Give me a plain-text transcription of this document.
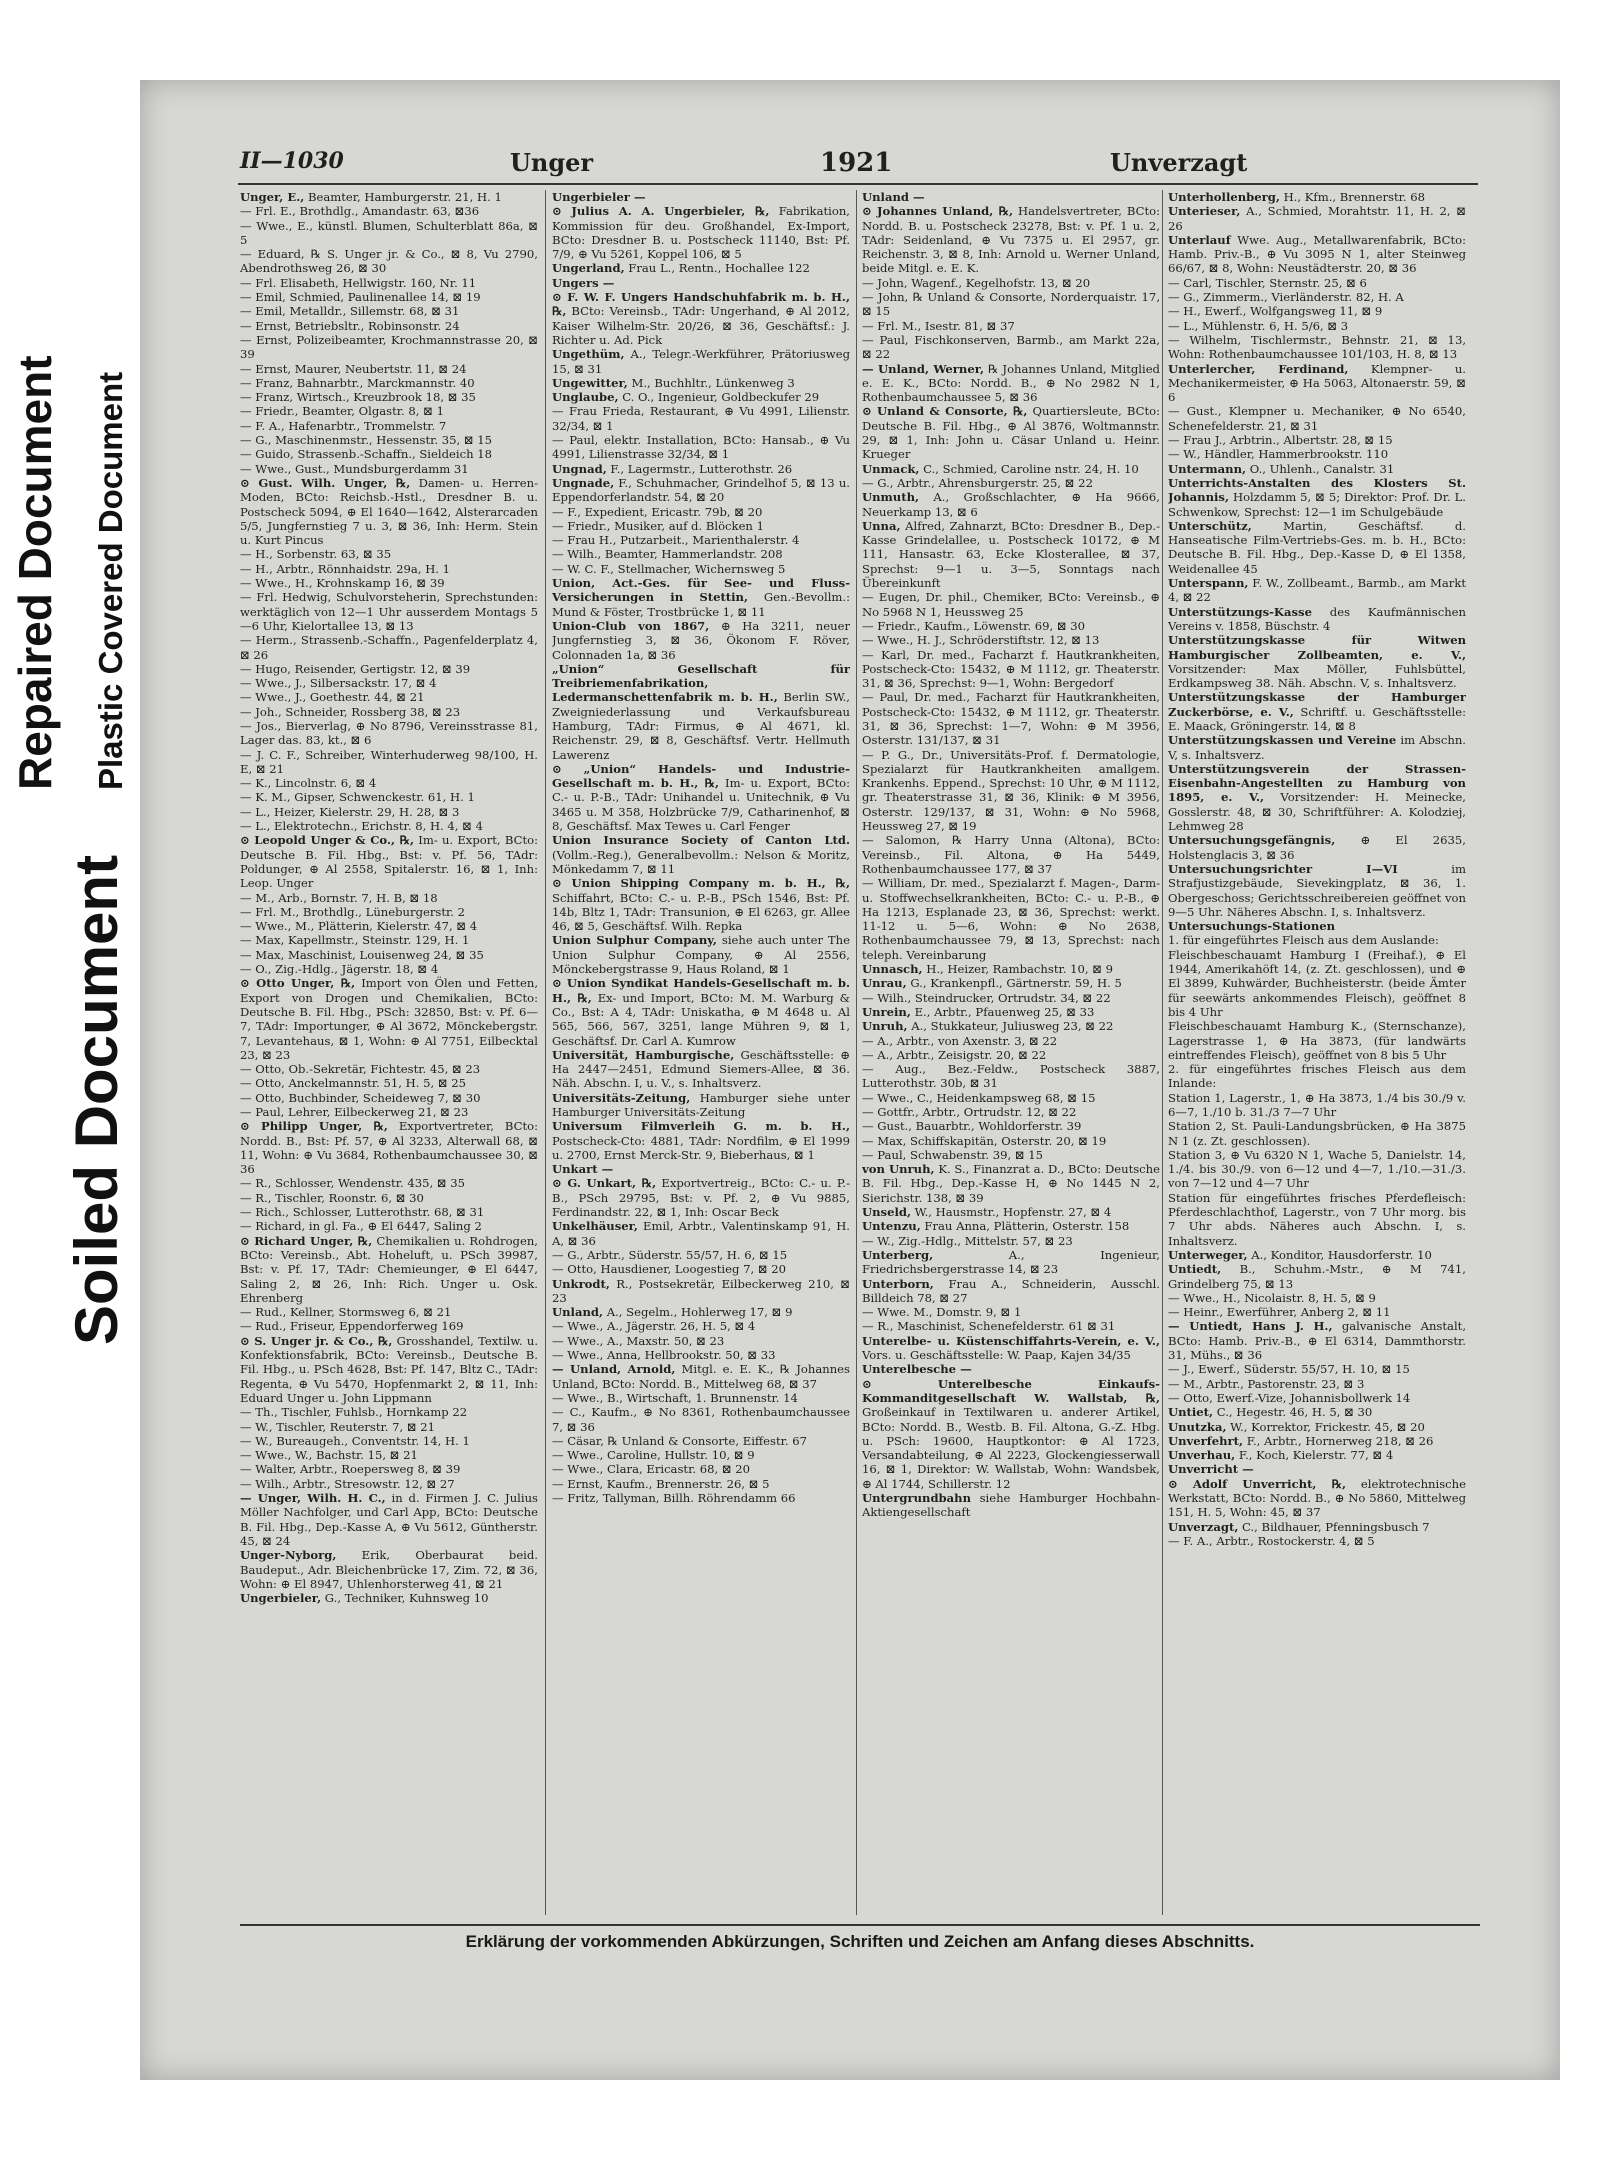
Repaired Document Plastic Covered Document
Soiled Document
II—1030	Unger	1921	Unverzagt

Unger, E., Beamter, Hamburgerstr. 21, H. 1

— Frl. E., Brothdlg., Amandastr. 63, ⊠36

— Wwe., E., künstl. Blumen, Schulterblatt 86a, ⊠ 5

— Eduard, ℞ S. Unger jr. & Co., ⊠ 8, Vu 2790, Abendrothsweg 26, ⊠ 30

— Frl. Elisabeth, Hellwigstr. 160, Nr. 11

— Emil, Schmied, Paulinenallee 14, ⊠ 19

— Emil, Metalldr., Sillemstr. 68, ⊠ 31

— Ernst, Betriebsltr., Robinsonstr. 24

— Ernst, Polizeibeamter, Krochmannstrasse 20, ⊠ 39

— Ernst, Maurer, Neubertstr. 11, ⊠ 24

— Franz, Bahnarbtr., Marckmannstr. 40

— Franz, Wirtsch., Kreuzbrook 18, ⊠ 35

— Friedr., Beamter, Olgastr. 8, ⊠ 1

— F. A., Hafenarbtr., Trommelstr. 7

— G., Maschinenmstr., Hessenstr. 35, ⊠ 15

— Guido, Strassenb.-Schaffn., Sieldeich 18

— Wwe., Gust., Mundsburgerdamm 31

⊙ Gust. Wilh. Unger, ℞, Damen- u. Herren-Moden, BCto: Reichsb.-Hstl., Dresdner B. u. Postscheck 5094, ⊕ El 1640—1642, Alsterarcaden 5/5, Jungfernstieg 7 u. 3, ⊠ 36, Inh: Herm. Stein u. Kurt Pincus

— H., Sorbenstr. 63, ⊠ 35

— H., Arbtr., Rönnhaidstr. 29a, H. 1

— Wwe., H., Krohnskamp 16, ⊠ 39

— Frl. Hedwig, Schulvorsteherin, Sprechstunden: werktäglich von 12—1 Uhr ausserdem Montags 5—6 Uhr, Kielortallee 13, ⊠ 13

— Herm., Strassenb.-Schaffn., Pagenfelderplatz 4, ⊠ 26

— Hugo, Reisender, Gertigstr. 12, ⊠ 39

— Wwe., J., Silbersackstr. 17, ⊠ 4

— Wwe., J., Goethestr. 44, ⊠ 21

— Joh., Schneider, Rossberg 38, ⊠ 23

— Jos., Bierverlag, ⊕ No 8796, Vereinsstrasse 81, Lager das. 83, kt., ⊠ 6

— J. C. F., Schreiber, Winterhuderweg 98/100, H. E, ⊠ 21

— K., Lincolnstr. 6, ⊠ 4

— K. M., Gipser, Schwenckestr. 61, H. 1

— L., Heizer, Kielerstr. 29, H. 28, ⊠ 3

— L., Elektrotechn., Erichstr. 8, H. 4, ⊠ 4

⊙ Leopold Unger & Co., ℞, Im- u. Export, BCto: Deutsche B. Fil. Hbg., Bst: v. Pf. 56, TAdr: Poldunger, ⊕ Al 2558, Spitalerstr. 16, ⊠ 1, Inh: Leop. Unger

— M., Arb., Bornstr. 7, H. B, ⊠ 18

— Frl. M., Brothdlg., Lüneburgerstr. 2

— Wwe., M., Plätterin, Kielerstr. 47, ⊠ 4

— Max, Kapellmstr., Steinstr. 129, H. 1

— Max, Maschinist, Louisenweg 24, ⊠ 35

— O., Zig.-Hdlg., Jägerstr. 18, ⊠ 4

⊙ Otto Unger, ℞, Import von Ölen und Fetten, Export von Drogen und Chemikalien, BCto: Deutsche B. Fil. Hbg., PSch: 32850, Bst: v. Pf. 6—7, TAdr: Importunger, ⊕ Al 3672, Mönckebergstr. 7, Levantehaus, ⊠ 1, Wohn: ⊕ Al 7751, Eilbecktal 23, ⊠ 23

— Otto, Ob.-Sekretär, Fichtestr. 45, ⊠ 23

— Otto, Anckelmannstr. 51, H. 5, ⊠ 25

— Otto, Buchbinder, Scheideweg 7, ⊠ 30

— Paul, Lehrer, Eilbeckerweg 21, ⊠ 23

⊙ Philipp Unger, ℞, Exportvertreter, BCto: Nordd. B., Bst: Pf. 57, ⊕ Al 3233, Alterwall 68, ⊠ 11, Wohn: ⊕ Vu 3684, Rothenbaumchaussee 30, ⊠ 36

— R., Schlosser, Wendenstr. 435, ⊠ 35

— R., Tischler, Roonstr. 6, ⊠ 30

— Rich., Schlosser, Lutterothstr. 68, ⊠ 31

— Richard, in gl. Fa., ⊕ El 6447, Saling 2

⊙ Richard Unger, ℞, Chemikalien u. Rohdrogen, BCto: Vereinsb., Abt. Hoheluft, u. PSch 39987, Bst: v. Pf. 17, TAdr: Chemieunger, ⊕ El 6447, Saling 2, ⊠ 26, Inh: Rich. Unger u. Osk. Ehrenberg

— Rud., Kellner, Stormsweg 6, ⊠ 21

— Rud., Friseur, Eppendorferweg 169

⊙ S. Unger jr. & Co., ℞, Grosshandel, Textilw. u. Konfektionsfabrik, BCto: Vereinsb., Deutsche B. Fil. Hbg., u. PSch 4628, Bst: Pf. 147, Bltz C., TAdr: Regenta, ⊕ Vu 5470, Hopfenmarkt 2, ⊠ 11, Inh: Eduard Unger u. John Lippmann

— Th., Tischler, Fuhlsb., Hornkamp 22

— W., Tischler, Reuterstr. 7, ⊠ 21

— W., Bureaugeh., Conventstr. 14, H. 1

— Wwe., W., Bachstr. 15, ⊠ 21

— Walter, Arbtr., Roepersweg 8, ⊠ 39

— Wilh., Arbtr., Stresowstr. 12, ⊠ 27

— Unger, Wilh. H. C., in d. Firmen J. C. Julius Möller Nachfolger, und Carl App, BCto: Deutsche B. Fil. Hbg., Dep.-Kasse A, ⊕ Vu 5612, Güntherstr. 45, ⊠ 24

Unger-Nyborg, Erik, Oberbaurat beid. Baudeput., Adr. Bleichenbrücke 17, Zim. 72, ⊠ 36, Wohn: ⊕ El 8947, Uhlenhorsterweg 41, ⊠ 21

Ungerbieler, G., Techniker, Kuhnsweg 10

Ungerbieler —

⊙ Julius A. A. Ungerbieler, ℞, Fabrikation, Kommission für deu. Großhandel, Ex-Import, BCto: Dresdner B. u. Postscheck 11140, Bst: Pf. 7/9, ⊕ Vu 5261, Koppel 106, ⊠ 5

Ungerland, Frau L., Rentn., Hochallee 122

Ungers —

⊙ F. W. F. Ungers Handschuhfabrik m. b. H., ℞, BCto: Vereinsb., TAdr: Ungerhand, ⊕ Al 2012, Kaiser Wilhelm-Str. 20/26, ⊠ 36, Geschäftsf.: J. Richter u. Ad. Pick

Ungethüm, A., Telegr.-Werkführer, Prätoriusweg 15, ⊠ 31

Ungewitter, M., Buchhltr., Lünkenweg 3

Unglaube, C. O., Ingenieur, Goldbeckufer 29

— Frau Frieda, Restaurant, ⊕ Vu 4991, Lilienstr. 32/34, ⊠ 1

— Paul, elektr. Installation, BCto: Hansab., ⊕ Vu 4991, Lilienstrasse 32/34, ⊠ 1

Ungnad, F., Lagermstr., Lutterothstr. 26

Ungnade, F., Schuhmacher, Grindelhof 5, ⊠ 13 u. Eppendorferlandstr. 54, ⊠ 20

— F., Expedient, Ericastr. 79b, ⊠ 20

— Friedr., Musiker, auf d. Blöcken 1

— Frau H., Putzarbeit., Marienthalerstr. 4

— Wilh., Beamter, Hammerlandstr. 208

— W. C. F., Stellmacher, Wichernsweg 5

Union, Act.-Ges. für See- und Fluss-Versicherungen in Stettin, Gen.-Bevollm.: Mund & Föster, Trostbrücke 1, ⊠ 11

Union-Club von 1867, ⊕ Ha 3211, neuer Jungfernstieg 3, ⊠ 36, Ökonom F. Röver, Colonnaden 1a, ⊠ 36

„Union“ Gesellschaft für Treibriemenfabrikation, Ledermanschettenfabrik m. b. H., Berlin SW., Zweigniederlassung und Verkaufsbureau Hamburg, TAdr: Firmus, ⊕ Al 4671, kl. Reichenstr. 29, ⊠ 8, Geschäftsf. Vertr. Hellmuth Lawerenz

⊙ „Union“ Handels- und Industrie-Gesellschaft m. b. H., ℞, Im- u. Export, BCto: C.- u. P.-B., TAdr: Unihandel u. Unitechnik, ⊕ Vu 3465 u. M 358, Holzbrücke 7/9, Catharinenhof, ⊠ 8, Geschäftsf. Max Tewes u. Carl Fenger

Union Insurance Society of Canton Ltd. (Vollm.-Reg.), Generalbevollm.: Nelson & Moritz, Mönkedamm 7, ⊠ 11

⊙ Union Shipping Company m. b. H., ℞, Schiffahrt, BCto: C.- u. P.-B., PSch 1546, Bst: Pf. 14b, Bltz 1, TAdr: Transunion, ⊕ El 6263, gr. Allee 46, ⊠ 5, Geschäftsf. Wilh. Repka

Union Sulphur Company, siehe auch unter The Union Sulphur Company, ⊕ Al 2556, Mönckebergstrasse 9, Haus Roland, ⊠ 1

⊙ Union Syndikat Handels-Gesellschaft m. b. H., ℞, Ex- und Import, BCto: M. M. Warburg & Co., Bst: A 4, TAdr: Uniskatha, ⊕ M 4648 u. Al 565, 566, 567, 3251, lange Mühren 9, ⊠ 1, Geschäftsf. Dr. Carl A. Kumrow

Universität, Hamburgische, Geschäftsstelle: ⊕ Ha 2447—2451, Edmund Siemers-Allee, ⊠ 36. Näh. Abschn. I, u. V., s. Inhaltsverz.

Universitäts-Zeitung, Hamburger siehe unter Hamburger Universitäts-Zeitung

Universum Filmverleih G. m. b. H., Postscheck-Cto: 4881, TAdr: Nordfilm, ⊕ El 1999 u. 2700, Ernst Merck-Str. 9, Bieberhaus, ⊠ 1

Unkart —

⊙ G. Unkart, ℞, Exportvertreig., BCto: C.- u. P.-B., PSch 29795, Bst: v. Pf. 2, ⊕ Vu 9885, Ferdinandstr. 22, ⊠ 1, Inh: Oscar Beck

Unkelhäuser, Emil, Arbtr., Valentinskamp 91, H. A, ⊠ 36

— G., Arbtr., Süderstr. 55/57, H. 6, ⊠ 15

— Otto, Hausdiener, Loogestieg 7, ⊠ 20

Unkrodt, R., Postsekretär, Eilbeckerweg 210, ⊠ 23

Unland, A., Segelm., Hohlerweg 17, ⊠ 9

— Wwe., A., Jägerstr. 26, H. 5, ⊠ 4

— Wwe., A., Maxstr. 50, ⊠ 23

— Wwe., Anna, Hellbrookstr. 50, ⊠ 33

— Unland, Arnold, Mitgl. e. E. K., ℞ Johannes Unland, BCto: Nordd. B., Mittelweg 68, ⊠ 37

— Wwe., B., Wirtschaft, 1. Brunnenstr. 14

— C., Kaufm., ⊕ No 8361, Rothenbaumchaussee 7, ⊠ 36

— Cäsar, ℞ Unland & Consorte, Eiffestr. 67

— Wwe., Caroline, Hullstr. 10, ⊠ 9

— Wwe., Clara, Ericastr. 68, ⊠ 20

— Ernst, Kaufm., Brennerstr. 26, ⊠ 5

— Fritz, Tallyman, Billh. Röhrendamm 66

Unland —

⊙ Johannes Unland, ℞, Handelsvertreter, BCto: Nordd. B. u. Postscheck 23278, Bst: v. Pf. 1 u. 2, TAdr: Seidenland, ⊕ Vu 7375 u. El 2957, gr. Reichenstr. 3, ⊠ 8, Inh: Arnold u. Werner Unland, beide Mitgl. e. E. K.

— John, Wagenf., Kegelhofstr. 13, ⊠ 20

— John, ℞ Unland & Consorte, Norderquaistr. 17, ⊠ 15

— Frl. M., Isestr. 81, ⊠ 37

— Paul, Fischkonserven, Barmb., am Markt 22a, ⊠ 22

— Unland, Werner, ℞ Johannes Unland, Mitglied e. E. K., BCto: Nordd. B., ⊕ No 2982 N 1, Rothenbaumchaussee 5, ⊠ 36

⊙ Unland & Consorte, ℞, Quartiersleute, BCto: Deutsche B. Fil. Hbg., ⊕ Al 3876, Woltmannstr. 29, ⊠ 1, Inh: John u. Cäsar Unland u. Heinr. Krueger

Unmack, C., Schmied, Caroline nstr. 24, H. 10

— G., Arbtr., Ahrensburgerstr. 25, ⊠ 22

Unmuth, A., Großschlachter, ⊕ Ha 9666, Neuerkamp 13, ⊠ 6

Unna, Alfred, Zahnarzt, BCto: Dresdner B., Dep.-Kasse Grindelallee, u. Postscheck 10172, ⊕ M 111, Hansastr. 63, Ecke Klosterallee, ⊠ 37, Sprechst: 9—1 u. 3—5, Sonntags nach Übereinkunft

— Eugen, Dr. phil., Chemiker, BCto: Vereinsb., ⊕ No 5968 N 1, Heussweg 25

— Friedr., Kaufm., Löwenstr. 69, ⊠ 30

— Wwe., H. J., Schröderstiftstr. 12, ⊠ 13

— Karl, Dr. med., Facharzt f. Hautkrankheiten, Postscheck-Cto: 15432, ⊕ M 1112, gr. Theaterstr. 31, ⊠ 36, Sprechst: 9—1, Wohn: Bergedorf

— Paul, Dr. med., Facharzt für Hautkrankheiten, Postscheck-Cto: 15432, ⊕ M 1112, gr. Theaterstr. 31, ⊠ 36, Sprechst: 1—7, Wohn: ⊕ M 3956, Osterstr. 131/137, ⊠ 31

— P. G., Dr., Universitäts-Prof. f. Dermatologie, Spezialarzt für Hautkrankheiten amallgem. Krankenhs. Eppend., Sprechst: 10 Uhr, ⊕ M 1112, gr. Theaterstrasse 31, ⊠ 36, Klinik: ⊕ M 3956, Osterstr. 129/137, ⊠ 31, Wohn: ⊕ No 5968, Heussweg 27, ⊠ 19

— Salomon, ℞ Harry Unna (Altona), BCto: Vereinsb., Fil. Altona, ⊕ Ha 5449, Rothenbaumchaussee 177, ⊠ 37

— William, Dr. med., Spezialarzt f. Magen-, Darm- u. Stoffwechselkrankheiten, BCto: C.- u. P.-B., ⊕ Ha 1213, Esplanade 23, ⊠ 36, Sprechst: werkt. 11-12 u. 5—6, Wohn: ⊕ No 2638, Rothenbaumchaussee 79, ⊠ 13, Sprechst: nach teleph. Vereinbarung

Unnasch, H., Heizer, Rambachstr. 10, ⊠ 9

Unrau, G., Krankenpfl., Gärtnerstr. 59, H. 5

— Wilh., Steindrucker, Ortrudstr. 34, ⊠ 22

Unrein, E., Arbtr., Pfauenweg 25, ⊠ 33

Unruh, A., Stukkateur, Juliusweg 23, ⊠ 22

— A., Arbtr., von Axenstr. 3, ⊠ 22

— A., Arbtr., Zeisigstr. 20, ⊠ 22

— Aug., Bez.-Feldw., Postscheck 3887, Lutterothstr. 30b, ⊠ 31

— Wwe., C., Heidenkampsweg 68, ⊠ 15

— Gottfr., Arbtr., Ortrudstr. 12, ⊠ 22

— Gust., Bauarbtr., Wohldorferstr. 39

— Max, Schiffskapitän, Osterstr. 20, ⊠ 19

— Paul, Schwabenstr. 39, ⊠ 15

von Unruh, K. S., Finanzrat a. D., BCto: Deutsche B. Fil. Hbg., Dep.-Kasse H, ⊕ No 1445 N 2, Sierichstr. 138, ⊠ 39

Unseld, W., Hausmstr., Hopfenstr. 27, ⊠ 4

Untenzu, Frau Anna, Plätterin, Osterstr. 158

— W., Zig.-Hdlg., Mittelstr. 57, ⊠ 23

Unterberg, A., Ingenieur, Friedrichsbergerstrasse 14, ⊠ 23

Unterborn, Frau A., Schneiderin, Ausschl. Billdeich 78, ⊠ 27

— Wwe. M., Domstr. 9, ⊠ 1

— R., Maschinist, Schenefelderstr. 61 ⊠ 31

Unterelbe- u. Küstenschiffahrts-Verein, e. V., Vors. u. Geschäftsstelle: W. Paap, Kajen 34/35

Unterelbesche —

⊙ Unterelbesche Einkaufs-Kommanditgesellschaft W. Wallstab, ℞, Großeinkauf in Textilwaren u. anderer Artikel, BCto: Nordd. B., Westb. B. Fil. Altona, G.-Z. Hbg. u. PSch: 19600, Hauptkontor: ⊕ Al 1723, Versandabteilung, ⊕ Al 2223, Glockengiesserwall 16, ⊠ 1, Direktor: W. Wallstab, Wohn: Wandsbek, ⊕ Al 1744, Schillerstr. 12

Untergrundbahn siehe Hamburger Hochbahn-Aktiengesellschaft

Unterhollenberg, H., Kfm., Brennerstr. 68

Unterieser, A., Schmied, Morahtstr. 11, H. 2, ⊠ 26

Unterlauf Wwe. Aug., Metallwarenfabrik, BCto: Hamb. Priv.-B., ⊕ Vu 3095 N 1, alter Steinweg 66/67, ⊠ 8, Wohn: Neustädterstr. 20, ⊠ 36

— Carl, Tischler, Sternstr. 25, ⊠ 6

— G., Zimmerm., Vierländerstr. 82, H. A

— H., Ewerf., Wolfgangsweg 11, ⊠ 9

— L., Mühlenstr. 6, H. 5/6, ⊠ 3

— Wilhelm, Tischlermstr., Behnstr. 21, ⊠ 13, Wohn: Rothenbaumchaussee 101/103, H. 8, ⊠ 13

Unterlercher, Ferdinand, Klempner- u. Mechanikermeister, ⊕ Ha 5063, Altonaerstr. 59, ⊠ 6

— Gust., Klempner u. Mechaniker, ⊕ No 6540, Schenefelderstr. 21, ⊠ 31

— Frau J., Arbtrin., Albertstr. 28, ⊠ 15

— W., Händler, Hammerbrookstr. 110

Untermann, O., Uhlenh., Canalstr. 31

Unterrichts-Anstalten des Klosters St. Johannis, Holzdamm 5, ⊠ 5; Direktor: Prof. Dr. L. Schwenkow, Sprechst: 12—1 im Schulgebäude

Unterschütz, Martin, Geschäftsf. d. Hanseatische Film-Vertriebs-Ges. m. b. H., BCto: Deutsche B. Fil. Hbg., Dep.-Kasse D, ⊕ El 1358, Weidenallee 45

Unterspann, F. W., Zollbeamt., Barmb., am Markt 4, ⊠ 22

Unterstützungs-Kasse des Kaufmännischen Vereins v. 1858, Büschstr. 4

Unterstützungskasse für Witwen Hamburgischer Zollbeamten, e. V., Vorsitzender: Max Möller, Fuhlsbüttel, Erdkampsweg 38. Näh. Abschn. V, s. Inhaltsverz.

Unterstützungskasse der Hamburger Zuckerbörse, e. V., Schriftf. u. Geschäftsstelle: E. Maack, Gröningerstr. 14, ⊠ 8

Unterstützungskassen und Vereine im Abschn. V, s. Inhaltsverz.

Unterstützungsverein der Strassen-Eisenbahn-Angestellten zu Hamburg von 1895, e. V., Vorsitzender: H. Meinecke, Gosslerstr. 48, ⊠ 30, Schriftführer: A. Kolodziej, Lehmweg 28

Untersuchungsgefängnis, ⊕ El 2635, Holstenglacis 3, ⊠ 36

Untersuchungsrichter I—VI im Strafjustizgebäude, Sievekingplatz, ⊠ 36, 1. Obergeschoss; Gerichtsschreibereien geöffnet von 9—5 Uhr. Näheres Abschn. I, s. Inhaltsverz.

Untersuchungs-Stationen

1. für eingeführtes Fleisch aus dem Auslande:

Fleischbeschauamt Hamburg I (Freihaf.), ⊕ El 1944, Amerikahöft 14, (z. Zt. geschlossen), und ⊕ El 3899, Kuhwärder, Buchheisterstr. (beide Ämter für seewärts ankommendes Fleisch), geöffnet 8 bis 4 Uhr

Fleischbeschauamt Hamburg K., (Sternschanze), Lagerstrasse 1, ⊕ Ha 3873, (für landwärts eintreffendes Fleisch), geöffnet von 8 bis 5 Uhr

2. für eingeführtes frisches Fleisch aus dem Inlande:

Station 1, Lagerstr., 1, ⊕ Ha 3873, 1./4 bis 30./9 v. 6—7, 1./10 b. 31./3 7—7 Uhr

Station 2, St. Pauli-Landungsbrücken, ⊕ Ha 3875 N 1 (z. Zt. geschlossen).

Station 3, ⊕ Vu 6320 N 1, Wache 5, Danielstr. 14, 1./4. bis 30./9. von 6—12 und 4—7, 1./10.—31./3. von 7—12 und 4—7 Uhr

Station für eingeführtes frisches Pferdefleisch: Pferdeschlachthof, Lagerstr., von 7 Uhr morg. bis 7 Uhr abds. Näheres auch Abschn. I, s. Inhaltsverz.

Unterweger, A., Konditor, Hausdorferstr. 10

Untiedt, B., Schuhm.-Mstr., ⊕ M 741, Grindelberg 75, ⊠ 13

— Wwe., H., Nicolaistr. 8, H. 5, ⊠ 9

— Heinr., Ewerführer, Anberg 2, ⊠ 11

— Untiedt, Hans J. H., galvanische Anstalt, BCto: Hamb. Priv.-B., ⊕ El 6314, Dammthorstr. 31, Mühs., ⊠ 36

— J., Ewerf., Süderstr. 55/57, H. 10, ⊠ 15

— M., Arbtr., Pastorenstr. 23, ⊠ 3

— Otto, Ewerf.-Vize, Johannisbollwerk 14

Untiet, C., Hegestr. 46, H. 5, ⊠ 30

Unutzka, W., Korrektor, Frickestr. 45, ⊠ 20

Unverfehrt, F., Arbtr., Hornerweg 218, ⊠ 26

Unverhau, F., Koch, Kielerstr. 77, ⊠ 4

Unverricht —

⊙ Adolf Unverricht, ℞, elektrotechnische Werkstatt, BCto: Nordd. B., ⊕ No 5860, Mittelweg 151, H. 5, Wohn: 45, ⊠ 37

Unverzagt, C., Bildhauer, Pfenningsbusch 7

— F. A., Arbtr., Rostockerstr. 4, ⊠ 5

Erklärung der vorkommenden Abkürzungen, Schriften und Zeichen am Anfang dieses Abschnitts.
